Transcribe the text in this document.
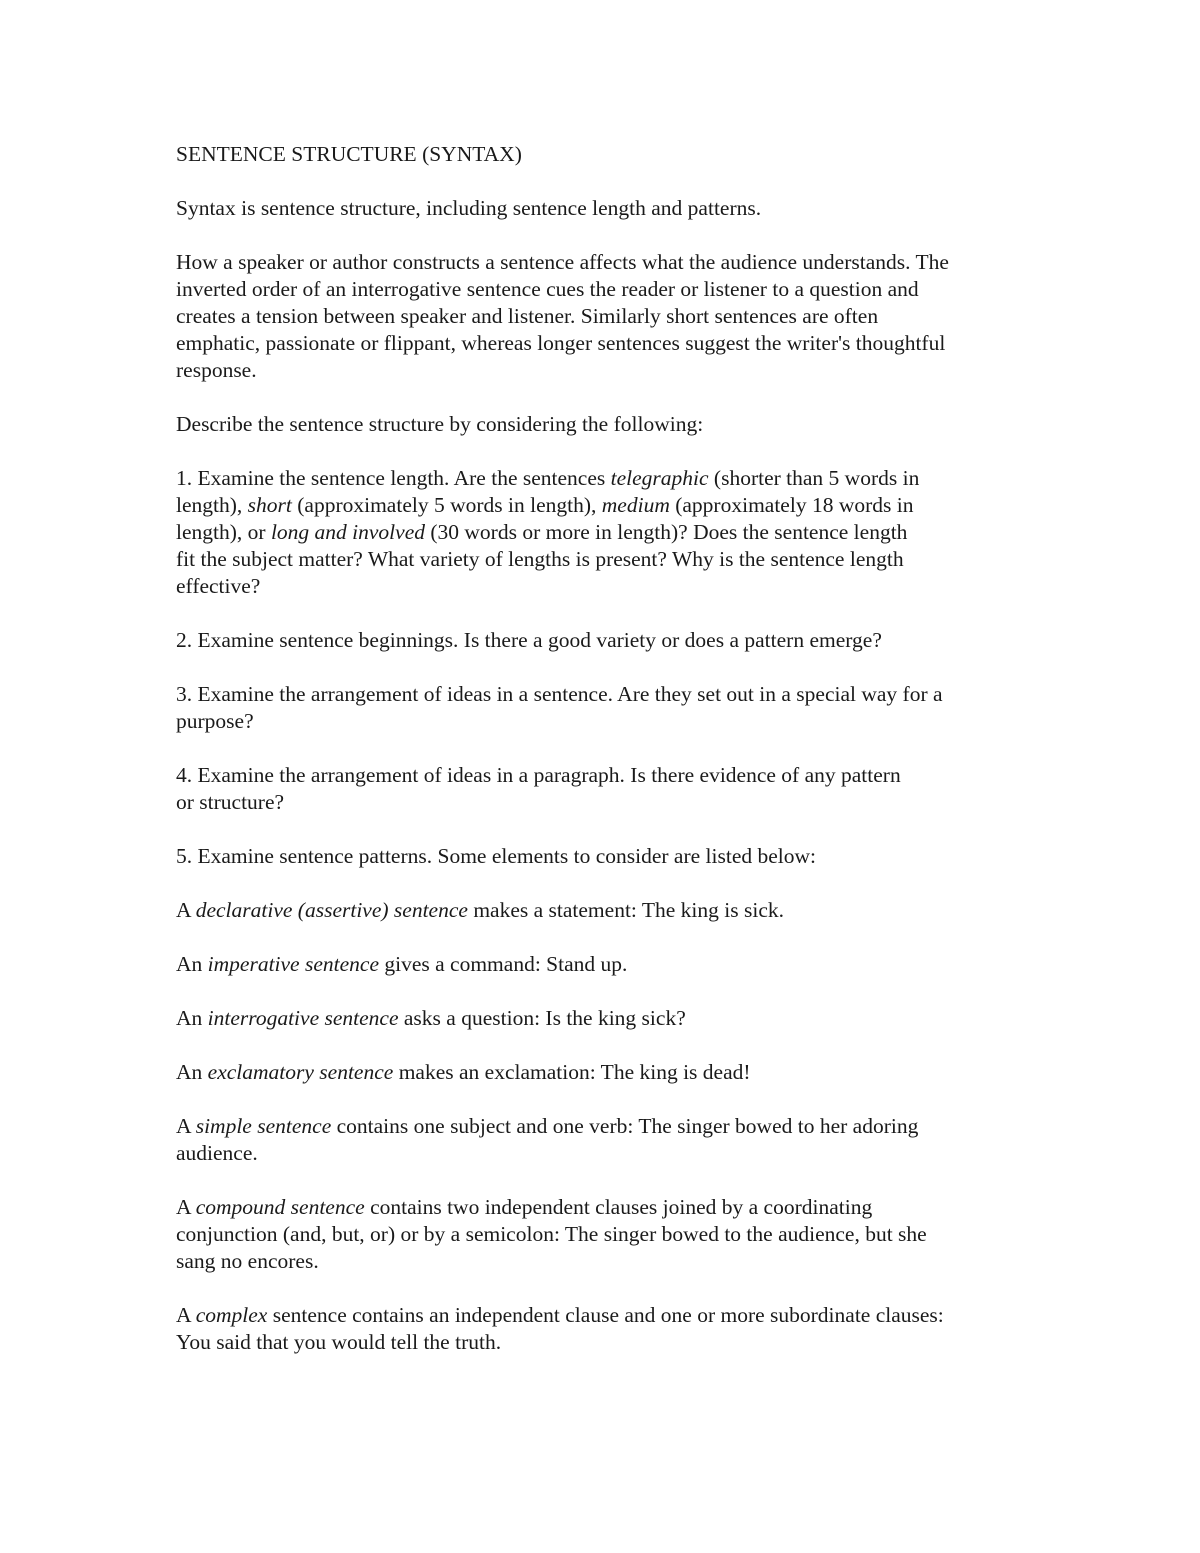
SENTENCE STRUCTURE (SYNTAX)

Syntax is sentence structure, including sentence length and patterns.

How a speaker or author constructs a sentence affects what the audience understands. The
inverted order of an interrogative sentence cues the reader or listener to a question and
creates a tension between speaker and listener. Similarly short sentences are often
emphatic, passionate or flippant, whereas longer sentences suggest the writer's thoughtful
response.

Describe the sentence structure by considering the following:

1. Examine the sentence length. Are the sentences telegraphic (shorter than 5 words in
length), short (approximately 5 words in length), medium (approximately 18 words in
length), or long and involved (30 words or more in length)? Does the sentence length
fit the subject matter? What variety of lengths is present? Why is the sentence length
effective?

2. Examine sentence beginnings. Is there a good variety or does a pattern emerge?

3. Examine the arrangement of ideas in a sentence. Are they set out in a special way for a
purpose?

4. Examine the arrangement of ideas in a paragraph. Is there evidence of any pattern
or structure?

5. Examine sentence patterns. Some elements to consider are listed below:

A declarative (assertive) sentence makes a statement: The king is sick.

An imperative sentence gives a command: Stand up.

An interrogative sentence asks a question: Is the king sick?

An exclamatory sentence makes an exclamation: The king is dead!

A simple sentence contains one subject and one verb: The singer bowed to her adoring
audience.

A compound sentence contains two independent clauses joined by a coordinating
conjunction (and, but, or) or by a semicolon: The singer bowed to the audience, but she
sang no encores.

A complex sentence contains an independent clause and one or more subordinate clauses:
You said that you would tell the truth.
